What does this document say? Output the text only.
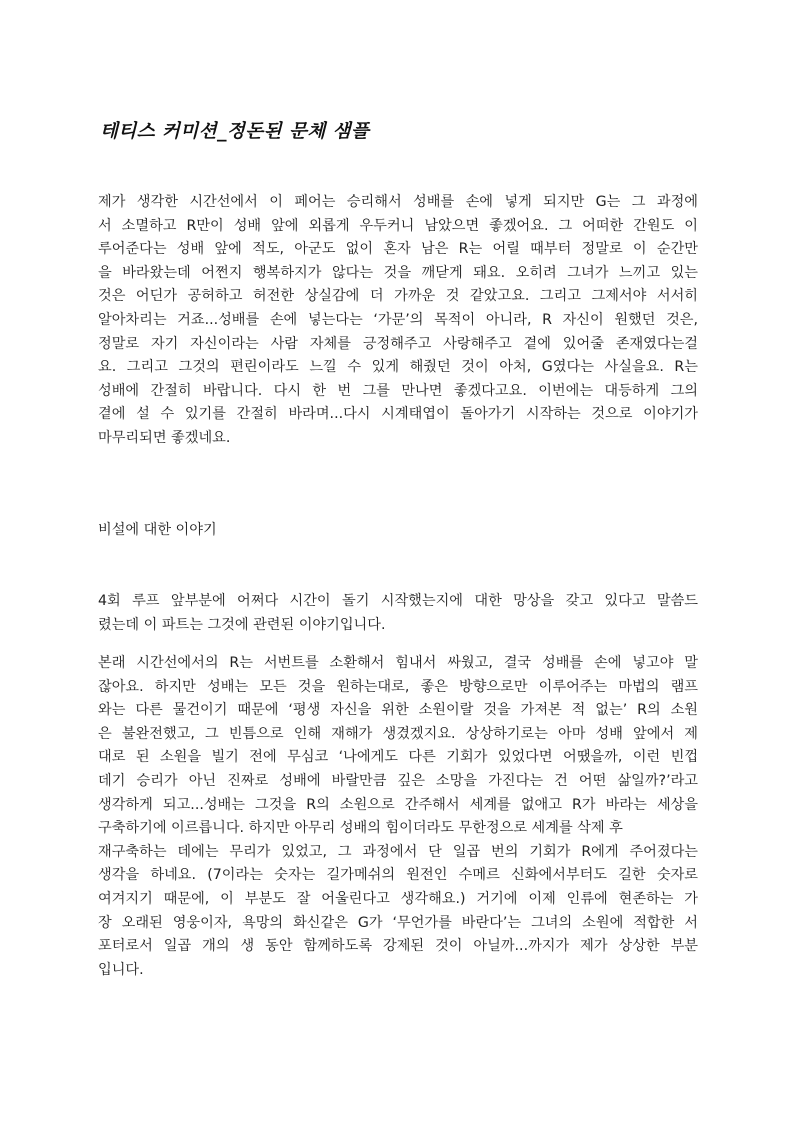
테티스 커미션_정돈된 문체 샘플
제가 생각한 시간선에서 이 페어는 승리해서 성배를 손에 넣게 되지만 G는 그 과정에
서 소멸하고 R만이 성배 앞에 외롭게 우두커니 남았으면 좋겠어요. 그 어떠한 간원도 이
루어준다는 성배 앞에 적도, 아군도 없이 혼자 남은 R는 어릴 때부터 정말로 이 순간만
을 바라왔는데 어쩐지 행복하지가 않다는 것을 깨닫게 돼요. 오히려 그녀가 느끼고 있는
것은 어딘가 공허하고 허전한 상실감에 더 가까운 것 같았고요. 그리고 그제서야 서서히
알아차리는 거죠...성배를 손에 넣는다는 ‘가문’의 목적이 아니라, R 자신이 원했던 것은,
정말로 자기 자신이라는 사람 자체를 긍정해주고 사랑해주고 곁에 있어줄 존재였다는걸
요. 그리고 그것의 편린이라도 느낄 수 있게 해줬던 것이 아처, G였다는 사실을요. R는
성배에 간절히 바랍니다. 다시 한 번 그를 만나면 좋겠다고요. 이번에는 대등하게 그의
곁에 설 수 있기를 간절히 바라며...다시 시계태엽이 돌아가기 시작하는 것으로 이야기가
마무리되면 좋겠네요.
비설에 대한 이야기
4회 루프 앞부분에 어쩌다 시간이 돌기 시작했는지에 대한 망상을 갖고 있다고 말씀드
렸는데 이 파트는 그것에 관련된 이야기입니다.
본래 시간선에서의 R는 서번트를 소환해서 힘내서 싸웠고, 결국 성배를 손에 넣고야 말
잖아요. 하지만 성배는 모든 것을 원하는대로, 좋은 방향으로만 이루어주는 마법의 램프
와는 다른 물건이기 때문에 ‘평생 자신을 위한 소원이랄 것을 가져본 적 없는’ R의 소원
은 불완전했고, 그 빈틈으로 인해 재해가 생겼겠지요. 상상하기로는 아마 성배 앞에서 제
대로 된 소원을 빌기 전에 무심코 ‘나에게도 다른 기회가 있었다면 어땠을까, 이런 빈껍
데기 승리가 아닌 진짜로 성배에 바랄만큼 깊은 소망을 가진다는 건 어떤 삶일까?’라고
생각하게 되고...성배는 그것을 R의 소원으로 간주해서 세계를 없애고 R가 바라는 세상을
구축하기에 이르릅니다. 하지만 아무리 성배의 힘이더라도 무한정으로 세계를 삭제 후
재구축하는 데에는 무리가 있었고, 그 과정에서 단 일곱 번의 기회가 R에게 주어졌다는
생각을 하네요. (7이라는 숫자는 길가메쉬의 원전인 수메르 신화에서부터도 길한 숫자로
여겨지기 때문에, 이 부분도 잘 어울린다고 생각해요.) 거기에 이제 인류에 현존하는 가
장 오래된 영웅이자, 욕망의 화신같은 G가 ‘무언가를 바란다’는 그녀의 소원에 적합한 서
포터로서 일곱 개의 생 동안 함께하도록 강제된 것이 아닐까...까지가 제가 상상한 부분
입니다.
